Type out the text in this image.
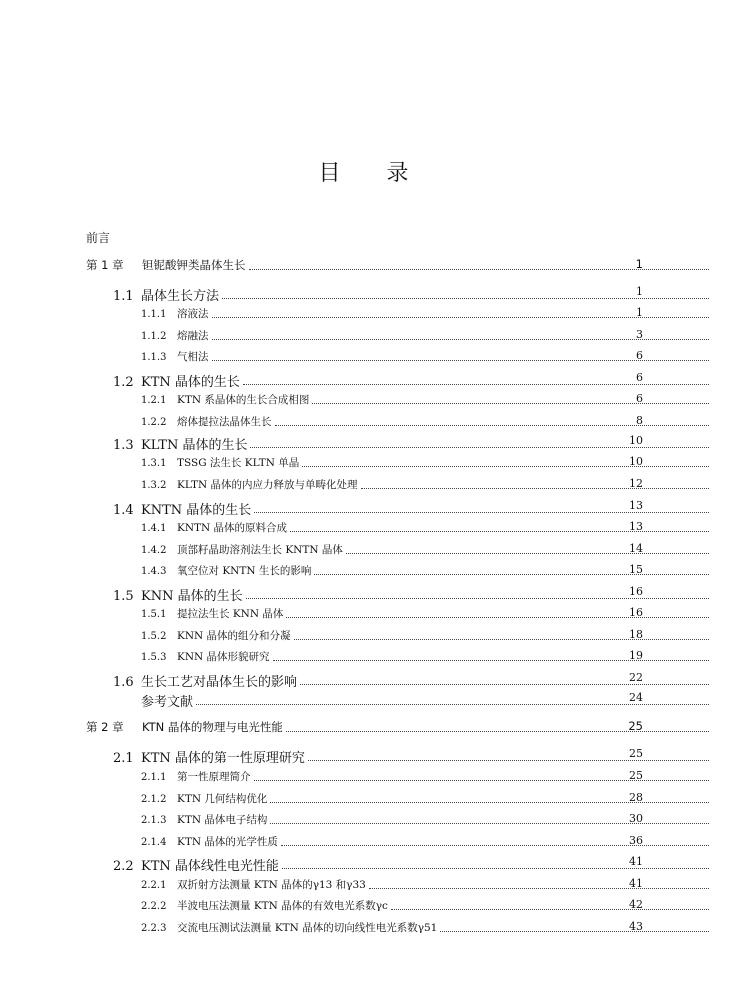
目 录
前言
第 1 章	钽铌酸钾类晶体生长	1
1.1 晶体生长方法	1
1.1.1	溶液法	1
1.1.2	熔融法	3
1.1.3	气相法	6
1.2 KTN 晶体的生长	6
1.2.1	KTN 系晶体的生长合成相图	6
1.2.2	熔体提拉法晶体生长	8
1.3 KLTN 晶体的生长	10
1.3.1	TSSG 法生长 KLTN 单晶	10
1.3.2	KLTN 晶体的内应力释放与单畴化处理	12
1.4 KNTN 晶体的生长	13
1.4.1	KNTN 晶体的原料合成	13
1.4.2	顶部籽晶助溶剂法生长 KNTN 晶体	14
1.4.3	氧空位对 KNTN 生长的影响	15
1.5 KNN 晶体的生长	16
1.5.1	提拉法生长 KNN 晶体	16
1.5.2	KNN 晶体的组分和分凝	18
1.5.3	KNN 晶体形貌研究	19
1.6 生长工艺对晶体生长的影响	22
参考文献	24
第 2 章	KTN 晶体的物理与电光性能	25
2.1 KTN 晶体的第一性原理研究	25
2.1.1	第一性原理简介	25
2.1.2	KTN 几何结构优化	28
2.1.3	KTN 晶体电子结构	30
2.1.4	KTN 晶体的光学性质	36
2.2 KTN 晶体线性电光性能	41
2.2.1	双折射方法测量 KTN 晶体的γ13 和γ33	41
2.2.2	半波电压法测量 KTN 晶体的有效电光系数γc	42
2.2.3	交流电压测试法测量 KTN 晶体的切向线性电光系数γ51	43
